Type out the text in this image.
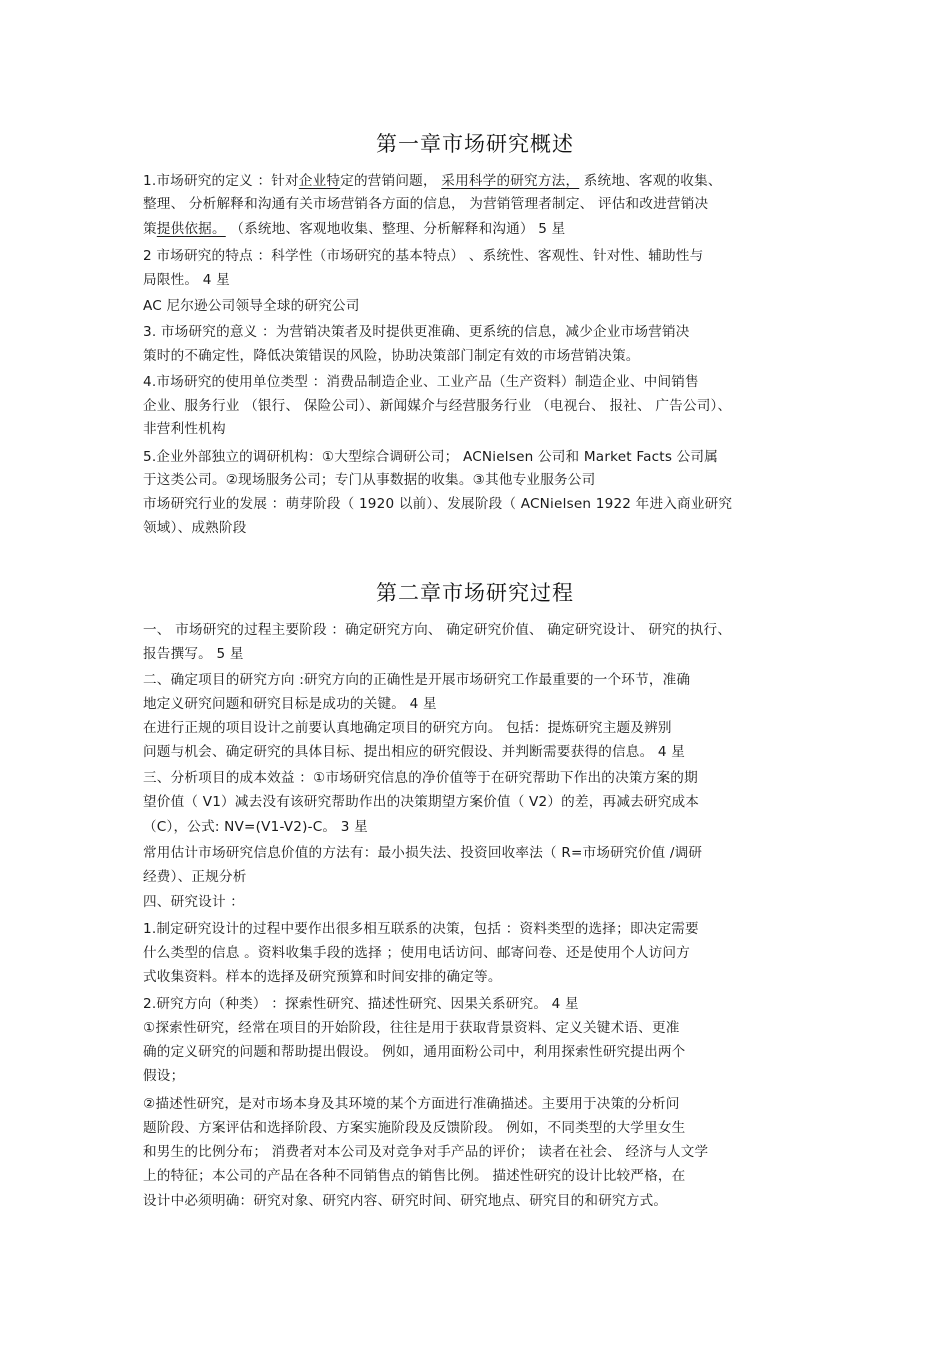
第一章市场研究概述
1.市场研究的定义 ：针对企业特定的营销问题， 采用科学的研究方法， 系统地、客观的收集、
整理、 分析解释和沟通有关市场营销各方面的信息， 为营销管理者制定、 评估和改进营销决
策提供依据。 （系统地、客观地收集、整理、分析解释和沟通） 5 星
2 市场研究的特点 ：科学性（市场研究的基本特点） 、系统性、客观性、针对性、辅助性与
局限性。 4 星
AC 尼尔逊公司领导全球的研究公司
3. 市场研究的意义 ：为营销决策者及时提供更准确、更系统的信息，减少企业市场营销决
策时的不确定性，降低决策错误的风险，协助决策部门制定有效的市场营销决策。
4.市场研究的使用单位类型 ：消费品制造企业、工业产品（生产资料）制造企业、中间销售
企业、服务行业 （银行、 保险公司）、新闻媒介与经营服务行业 （电视台、 报社、 广告公司）、
非营利性机构
5.企业外部独立的调研机构：①大型综合调研公司； ACNielsen 公司和 Market Facts 公司属
于这类公司。②现场服务公司；专门从事数据的收集。③其他专业服务公司
市场研究行业的发展 ：萌芽阶段（ 1920 以前）、发展阶段（ ACNielsen 1922 年进入商业研究
领域）、成熟阶段
第二章市场研究过程
一、 市场研究的过程主要阶段 ：确定研究方向、 确定研究价值、 确定研究设计、 研究的执行、
报告撰写。 5 星
二、确定项目的研究方向 :研究方向的正确性是开展市场研究工作最重要的一个环节，准确
地定义研究问题和研究目标是成功的关键。 4 星
在进行正规的项目设计之前要认真地确定项目的研究方向。 包括：提炼研究主题及辨别
问题与机会、确定研究的具体目标、提出相应的研究假设、并判断需要获得的信息。 4 星
三、分析项目的成本效益 ：①市场研究信息的净价值等于在研究帮助下作出的决策方案的期
望价值（ V1）减去没有该研究帮助作出的决策期望方案价值（ V2）的差，再减去研究成本
（C），公式: NV=(V1-V2)-C。 3 星
常用估计市场研究信息价值的方法有：最小损失法、投资回收率法（ R=市场研究价值 /调研
经费）、正规分析
四、研究设计 ：
1.制定研究设计的过程中要作出很多相互联系的决策，包括 ：资料类型的选择；即决定需要
什么类型的信息 。资料收集手段的选择 ；使用电话访问、邮寄问卷、还是使用个人访问方
式收集资料。样本的选择及研究预算和时间安排的确定等。
2.研究方向（种类） ：探索性研究、描述性研究、因果关系研究。 4 星
①探索性研究，经常在项目的开始阶段，往往是用于获取背景资料、定义关键术语、更准
确的定义研究的问题和帮助提出假设。 例如，通用面粉公司中，利用探索性研究提出两个
假设；
②描述性研究，是对市场本身及其环境的某个方面进行准确描述。主要用于决策的分析问
题阶段、方案评估和选择阶段、方案实施阶段及反馈阶段。 例如，不同类型的大学里女生
和男生的比例分布； 消费者对本公司及对竞争对手产品的评价； 读者在社会、 经济与人文学
上的特征；本公司的产品在各种不同销售点的销售比例。 描述性研究的设计比较严格，在
设计中必须明确：研究对象、研究内容、研究时间、研究地点、研究目的和研究方式。
